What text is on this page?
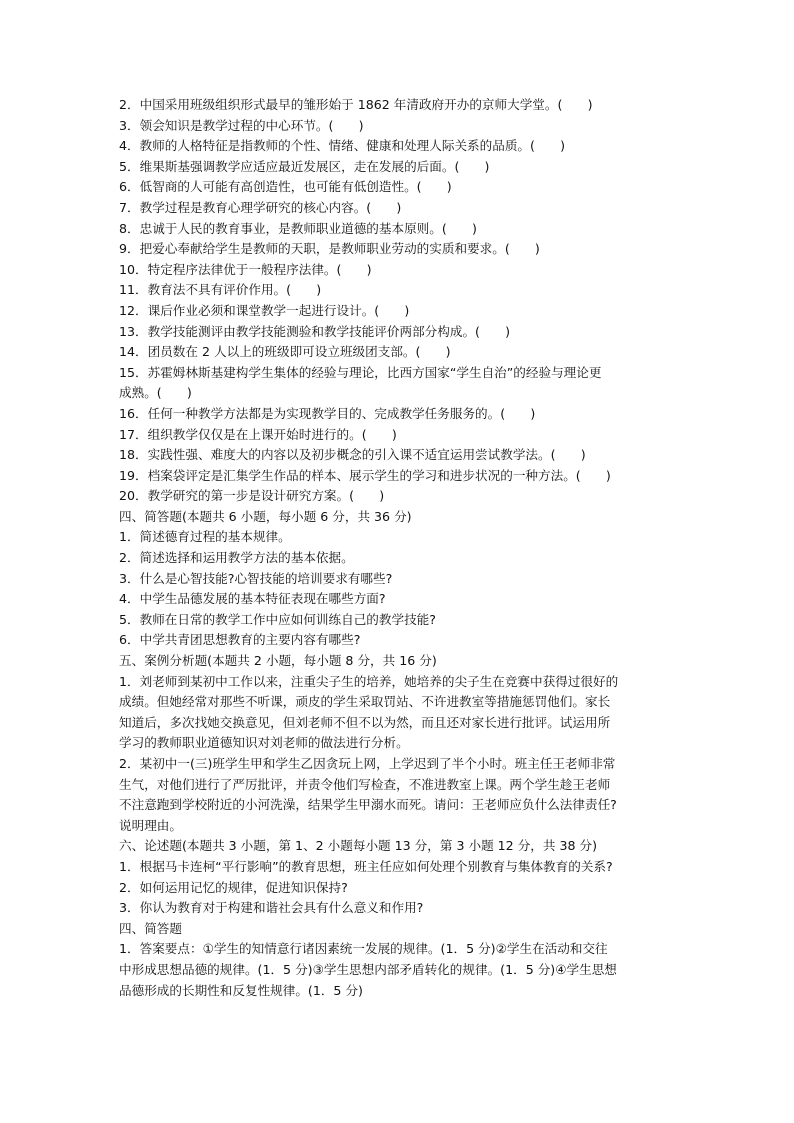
2．中国采用班级组织形式最早的雏形始于 1862 年清政府开办的京师大学堂。(　　)
3．领会知识是教学过程的中心环节。(　　)
4．教师的人格特征是指教师的个性、情绪、健康和处理人际关系的品质。(　　)
5．维果斯基强调教学应适应最近发展区，走在发展的后面。(　　)
6．低智商的人可能有高创造性，也可能有低创造性。(　　)
7．教学过程是教育心理学研究的核心内容。(　　)
8．忠诚于人民的教育事业，是教师职业道德的基本原则。(　　)
9．把爱心奉献给学生是教师的天职，是教师职业劳动的实质和要求。(　　)
10．特定程序法律优于一般程序法律。(　　)
11．教育法不具有评价作用。(　　)
12．课后作业必须和课堂教学一起进行设计。(　　)
13．教学技能测评由教学技能测验和教学技能评价两部分构成。(　　)
14．团员数在 2 人以上的班级即可设立班级团支部。(　　)
15．苏霍姆林斯基建构学生集体的经验与理论，比西方国家“学生自治”的经验与理论更
成熟。(　　)
16．任何一种教学方法都是为实现教学目的、完成教学任务服务的。(　　)
17．组织教学仅仅是在上课开始时进行的。(　　)
18．实践性强、难度大的内容以及初步概念的引入课不适宜运用尝试教学法。(　　)
19．档案袋评定是汇集学生作品的样本、展示学生的学习和进步状况的一种方法。(　　)
20．教学研究的第一步是设计研究方案。(　　)
四、简答题(本题共 6 小题，每小题 6 分，共 36 分)
1．简述德育过程的基本规律。
2．简述选择和运用教学方法的基本依据。
3．什么是心智技能?心智技能的培训要求有哪些?
4．中学生品德发展的基本特征表现在哪些方面?
5．教师在日常的教学工作中应如何训练自己的教学技能?
6．中学共青团思想教育的主要内容有哪些?
五、案例分析题(本题共 2 小题，每小题 8 分，共 16 分)
1．刘老师到某初中工作以来，注重尖子生的培养，她培养的尖子生在竞赛中获得过很好的
成绩。但她经常对那些不听课，顽皮的学生采取罚站、不许进教室等措施惩罚他们。家长
知道后，多次找她交换意见，但刘老师不但不以为然，而且还对家长进行批评。试运用所
学习的教师职业道德知识对刘老师的做法进行分析。
2．某初中一(三)班学生甲和学生乙因贪玩上网，上学迟到了半个小时。班主任王老师非常
生气，对他们进行了严厉批评，并责令他们写检查，不准进教室上课。两个学生趁王老师
不注意跑到学校附近的小河洗澡，结果学生甲溺水而死。请问：王老师应负什么法律责任?
说明理由。
六、论述题(本题共 3 小题，第 1、2 小题每小题 13 分，第 3 小题 12 分，共 38 分)
1．根据马卡连柯“平行影响”的教育思想，班主任应如何处理个别教育与集体教育的关系?
2．如何运用记忆的规律，促进知识保持?
3．你认为教育对于构建和谐社会具有什么意义和作用?
四、简答题
1．答案要点：①学生的知情意行诸因素统一发展的规律。(1．5 分)②学生在活动和交往
中形成思想品德的规律。(1．5 分)③学生思想内部矛盾转化的规律。(1．5 分)④学生思想
品德形成的长期性和反复性规律。(1．5 分)
